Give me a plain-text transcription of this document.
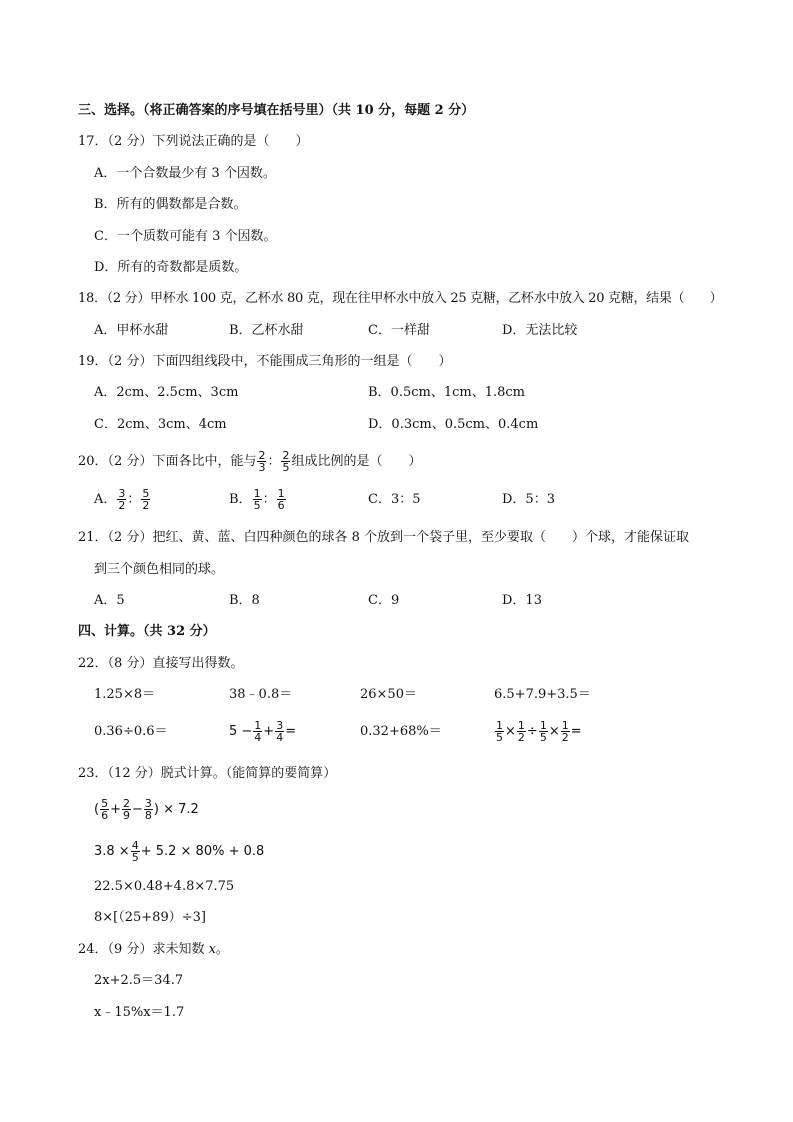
三、选择。（将正确答案的序号填在括号里）（共 10 分，每题 2 分）
17．（2 分）下列说法正确的是（　　）
A．一个合数最少有 3 个因数。
B．所有的偶数都是合数。
C．一个质数可能有 3 个因数。
D．所有的奇数都是质数。
18．（2 分）甲杯水 100 克，乙杯水 80 克，现在往甲杯水中放入 25 克糖，乙杯水中放入 20 克糖，结果（　　）
A．甲杯水甜	B．乙杯水甜	C．一样甜	D．无法比较
19．（2 分）下面四组线段中，不能围成三角形的一组是（　　）
A．2cm、2.5cm、3cm	B．0.5cm、1cm、1.8cm
C．2cm、3cm、4cm	D．0.3cm、0.5cm、0.4cm
20．（2 分）下面各比中，能与 $\frac{2}{3}$ ： $\frac{2}{5}$ 组成比例的是（　　）
A． $\frac{3}{2}$ ： $\frac{5}{2}$	B． $\frac{1}{5}$ ： $\frac{1}{6}$	C．3：5	D．5：3
21．（2 分）把红、黄、蓝、白四种颜色的球各 8 个放到一个袋子里，至少要取（　　）个球，才能保证取
到三个颜色相同的球。
A．5	B．8	C．9	D．13
四、计算。（共 32 分）
22．（8 分）直接写出得数。
1.25×8＝	38﹣0.8＝	26×50＝	6.5+7.9+3.5＝
0.36÷0.6＝	$5 - \frac{1}{4} + \frac{3}{4}$ =	0.32+68%＝	$\frac{1}{5} \times \frac{1}{2} \div \frac{1}{5} \times \frac{1}{2}$ =
23．（12 分）脱式计算。（能简算的要简算）
( $\frac{5}{6} + \frac{2}{9} - \frac{3}{8}$ ) × 7.2
$3.8 \times \frac{4}{5} + 5.2 \times 80\% + 0.8$
22.5×0.48+4.8×7.75
8×[（25+89）÷3]
24．（9 分）求未知数 x。
2x+2.5＝34.7
x﹣15%x＝1.7
